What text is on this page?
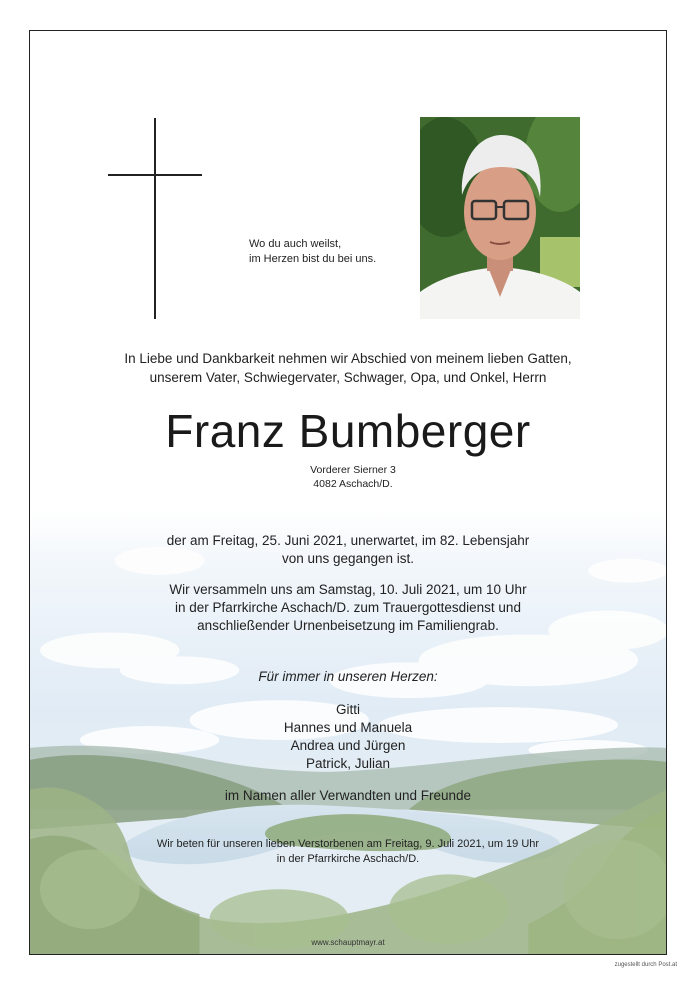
Wo du auch weilst,
im Herzen bist du bei uns.
In Liebe und Dankbarkeit nehmen wir Abschied von meinem lieben Gatten,
unserem Vater, Schwiegervater, Schwager, Opa, und Onkel, Herrn
Franz Bumberger
Vorderer Sierner 3
4082 Aschach/D.
der am Freitag, 25. Juni 2021, unerwartet, im 82. Lebensjahr
von uns gegangen ist.
Wir versammeln uns am Samstag, 10. Juli 2021, um 10 Uhr
in der Pfarrkirche Aschach/D. zum Trauergottesdienst und
anschließender Urnenbeisetzung im Familiengrab.
Für immer in unseren Herzen:
Gitti
Hannes und Manuela
Andrea und Jürgen
Patrick, Julian
im Namen aller Verwandten und Freunde
Wir beten für unseren lieben Verstorbenen am Freitag, 9. Juli 2021, um 19 Uhr
in der Pfarrkirche Aschach/D.
www.schauptmayr.at
zugestellt durch Post.at
